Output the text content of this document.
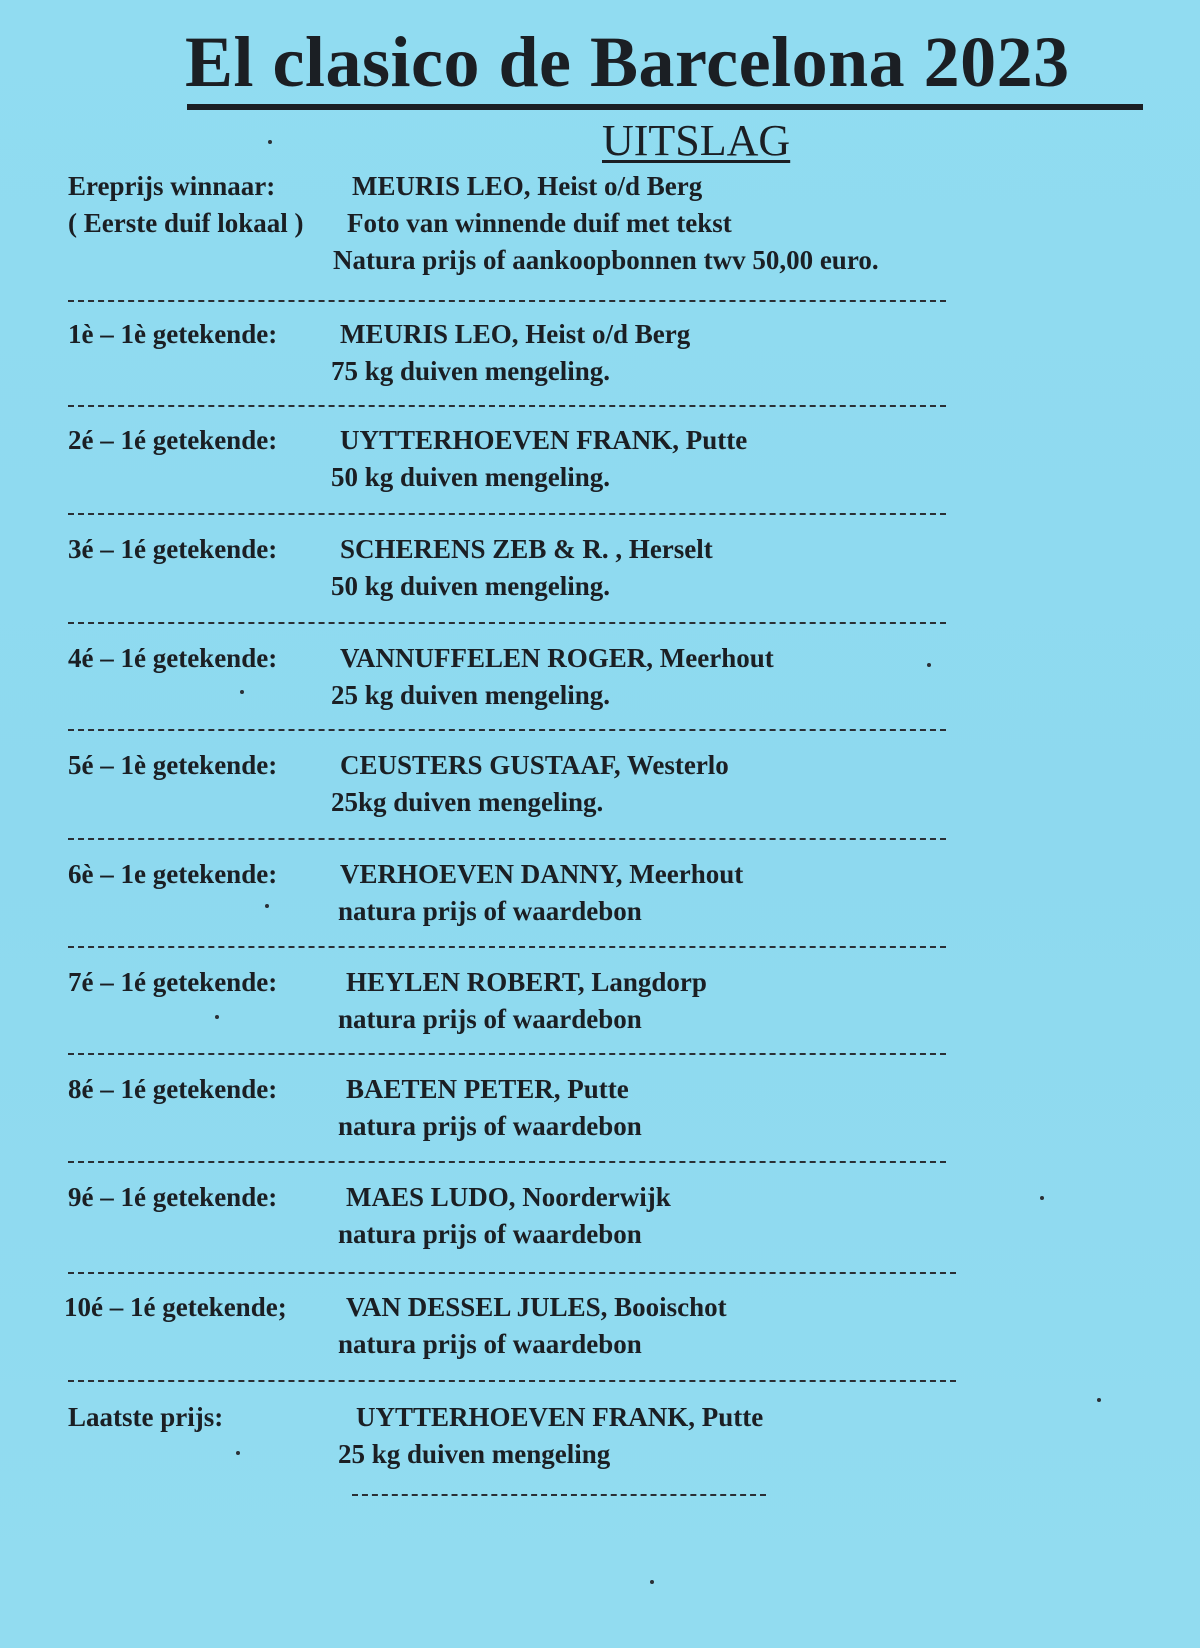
El clasico de Barcelona 2023
UITSLAG
Ereprijs winnaar:	MEURIS LEO, Heist o/d Berg
( Eerste duif lokaal ) Foto van winnende duif met tekst
Natura prijs of aankoopbonnen twv 50,00 euro.
1è – 1è getekende: MEURIS LEO, Heist o/d Berg
75 kg duiven mengeling.
2é – 1é getekende: UYTTERHOEVEN FRANK, Putte
50 kg duiven mengeling.
3é – 1é getekende: SCHERENS ZEB & R. , Herselt
50 kg duiven mengeling.
4é – 1é getekende: VANNUFFELEN ROGER, Meerhout
25 kg duiven mengeling.
5é – 1è getekende: CEUSTERS GUSTAAF, Westerlo
25kg duiven mengeling.
6è – 1e getekende: VERHOEVEN DANNY, Meerhout
natura prijs of waardebon
7é – 1é getekende:	HEYLEN ROBERT, Langdorp
natura prijs of waardebon
8é – 1é getekende:	BAETEN PETER, Putte
natura prijs of waardebon
9é – 1é getekende:	MAES LUDO, Noorderwijk
natura prijs of waardebon
10é – 1é getekende; VAN DESSEL JULES, Booischot
natura prijs of waardebon
Laatste prijs:	UYTTERHOEVEN FRANK, Putte
25 kg duiven mengeling
